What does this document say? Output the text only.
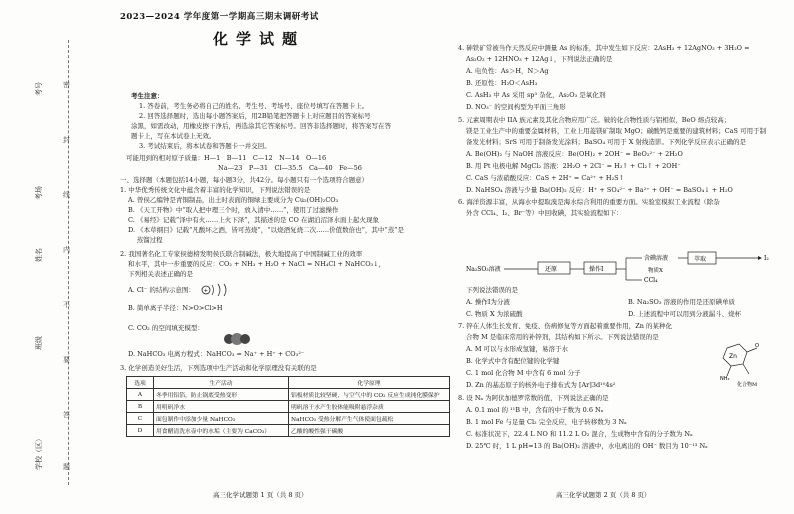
考号
考场
姓名
班级
学校（区）
密
封
线
内
不
要
答
题
2023—2024 学年度第一学期高三期末调研考试
化学试题
考生注意：
1. 答卷前，考生务必将自己的姓名、考生号、考场号、座位号填写在答题卡上。
2. 回答选择题时，选出每小题答案后，用2B铅笔把答题卡上对应题目的答案标号
涂黑，如需改动，用橡皮擦干净后，再选涂其它答案标号。回答非选择题时，将答案写在答
题卡上，写在本试卷上无效。
3. 考试结束后，将本试卷和答题卡一并交回。
可能用到的相对原子质量：H—1　B—11　C—12　N—14　O—16
Na—23　P—31　Cl—35.5　Ca—40　Fe—56
一、选择题（本题包括14小题，每小题3分，共42分。每小题只有一个选项符合题意）
1. 中华优秀传统文化中蕴含着丰富的化学知识，下列说法错误的是
A. 曾侯乙编钟是青铜制品，出土时表面的铜绿主要成分为 Cu₂(OH)₂CO₃
B. 《天工开物》中“取人把中理三个时，放入清中……”，使用了过滤操作
C. 《易经》记载“泽中有火……上火下泽”，其描述的是 CO 在湖泊沼泽水面上起火现象
D. 《本草纲目》记载“凡酸坏之酒，皆可蒸烧”，“以烧酒复烧二次……价值数倍也”，其中“蒸”是
　 蒸馏过程
2. 我国著名化工专家侯德榜发明侯氏联合制碱法，极大地提高了中国制碱工业的效率
和水平，其中一步重要的反应：CO₂ + NH₃ + H₂O + NaCl = NH₄Cl + NaHCO₃↓，
下列相关表述正确的是
A. Cl⁻ 的结构示意图： +
B. 简单离子半径：N>O>Cl>H
C. CO₂ 的空间填充模型：
D. NaHCO₃ 电离方程式：NaHCO₃ = Na⁺ + H⁺ + CO₃²⁻
3. 化学创造美好生活，下列选项中生产活动和化学原理没有关联的是
选项	生产活动	化学原理
A	冬季用铝箔，防止锅底受热变形	铝板材质比较坚硬，与空气中的 CO₂ 反应生成钝化膜保护
B	用明矾净水	明矾溶于水产生胶体能吸附悬浮杂质
C	面包制作中添加少量 NaHCO₃	NaHCO₃ 受热分解产生气体使面包疏松
D	用食醋清洗水壶中的水垢（主要为 CaCO₃）	乙酸的酸性强于碳酸
高三化学试题第 1 页（共 8 页）
4. 砷铁矿常被当作天然反应中测量 As 的标准，其中发生如下反应：2AsH₃ + 12AgNO₃ + 3H₂O =
As₂O₃ + 12HNO₃ + 12Ag↓，下列说法正确的是
A. 电负性：As＞H，N＞Ag
B. 还原性：H₂O＜AsH₃
C. AsH₃ 中 As 采用 sp³ 杂化，As₂O₃ 是氧化剂
D. NO₃⁻ 的空间构型为平面三角形
5. 元素周期表中 IIA 族元素及其化合物应用广泛。铍的化合物性质与铝相似，BeO 熔点较高；
镁是工业生产中的重要金属材料，工业上用菱镁矿制取 MgO；碳酸钙是重要的建筑材料；CaS 可用于制
备发光材料；SrS 可用于制备发光涂料；BaSO₄ 可用于 X 射线造影。下列化学反应表示正确的是
A. Be(OH)₂ 与 NaOH 溶液反应：Be(OH)₂ + 2OH⁻ = BeO₂²⁻ + 2H₂O
B. 用 Pt 电极电解 MgCl₂ 溶液：2H₂O + 2Cl⁻ = H₂↑ + Cl₂↑ + 2OH⁻
C. CaS 与浓硝酸反应：CaS + 2H⁺ = Ca²⁺ + H₂S↑
D. NaHSO₄ 溶液与少量 Ba(OH)₂ 反应：H⁺ + SO₄²⁻ + Ba²⁺ + OH⁻ = BaSO₄↓ + H₂O
6. 海洋资源丰富，从海水中提取溴是海水综合利用的重要方面。实验室模拟工业流程（除杂
外含 CCl₄、I₂、Br⁻等）中回收碘，其实验流程如下：
Na₂SO₃溶液	还原	操作Ⅰ
含碘溶液
CCl₄
萃取	I₂
物质X
下列说法错误的是
A. 操作Ⅰ为分液	B. Na₂SO₃ 溶液的作用是还原碘单质
C. 物质 X 为浓硫酸	D. 上述流程中可以用到分液漏斗、烧杯
7. 锌在人体生长发育、免疫、伤病修复等方面起着重要作用，Zn 的某种化
合物 M 是临床常用的补锌剂，其结构如下所示。下列说法错误的是
A. M 可以与水形成氢键，易溶于水
B. 化学式中含有配位键的化学键
C. 1 mol 化合物 M 中含有 6 mol 分子
D. Zn 的基态原子的核外电子排布式为 [Ar]3d¹⁰4s²
Zn
O
NH₂
化合物M
8. 设 Nₐ 为阿伏加德罗常数的值，下列说法正确的是
A. 0.1 mol 的 ¹¹B 中，含有的中子数为 0.6 Nₐ
B. 1 mol Fe 与足量 Cl₂ 完全反应，电子转移数为 3 Nₐ
C. 标准状况下，22.4 L NO 和 11.2 L O₂ 混合，生成物中含有的分子数为 Nₐ
D. 25℃ 时，1 L pH=13 的 Ba(OH)₂ 溶液中，水电离出的 OH⁻ 数目为 10⁻¹³ Nₐ
高三化学试题第 2 页（共 8 页）
